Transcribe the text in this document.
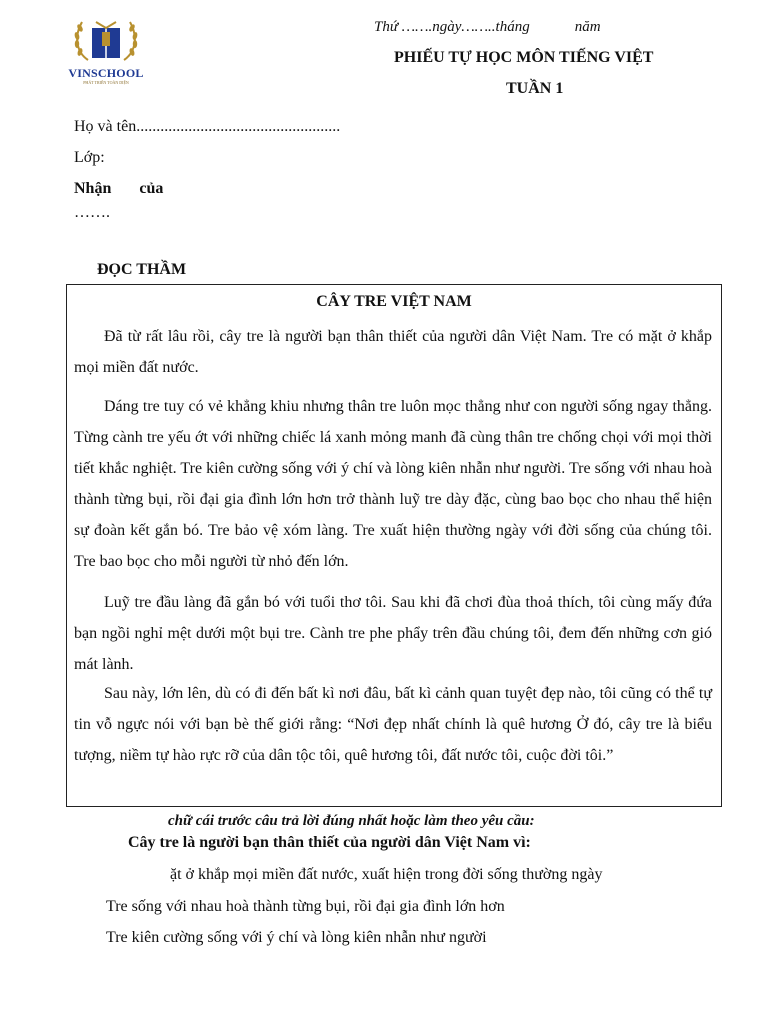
VINSCHOOL
PHÁT TRIỂN TOÀN DIỆN
Thứ …….ngày……..tháng            năm
PHIẾU TỰ HỌC MÔN TIẾNG VIỆT
TUẦN 1
Họ và tên...................................................
Lớp:
Nhận       của
…….
ĐỌC THẦM
CÂY TRE VIỆT NAM
Đã từ rất lâu rồi, cây tre là người bạn thân thiết của người dân Việt Nam. Tre có mặt ở khắp mọi miền đất nước.
Dáng tre tuy có vẻ khẳng khiu nhưng thân tre luôn mọc thẳng như con người sống ngay thẳng. Từng cành tre yếu ớt với những chiếc lá xanh mỏng manh đã cùng thân tre chống chọi với mọi thời tiết khắc nghiệt. Tre kiên cường sống với ý chí và lòng kiên nhẫn như người. Tre sống với nhau hoà thành từng bụi, rồi đại gia đình lớn hơn trở thành luỹ tre dày đặc, cùng bao bọc cho nhau thể hiện sự đoàn kết gắn bó. Tre bảo vệ xóm làng. Tre xuất hiện thường ngày với đời sống của chúng tôi. Tre bao bọc cho mỗi người từ nhỏ đến lớn.
Luỹ tre đầu làng đã gắn bó với tuổi thơ tôi. Sau khi đã chơi đùa thoả thích, tôi cùng mấy đứa bạn ngồi nghỉ mệt dưới một bụi tre. Cành tre phe phẩy trên đầu chúng tôi, đem đến những cơn gió mát lành.
Sau này, lớn lên, dù có đi đến bất kì nơi đâu, bất kì cảnh quan tuyệt đẹp nào, tôi cũng có thể tự tin vỗ ngực nói với bạn bè thế giới rằng: “Nơi đẹp nhất chính là quê hương Ở đó, cây tre là biểu tượng, niềm tự hào rực rỡ của dân tộc tôi, quê hương tôi, đất nước tôi, cuộc đời tôi.”
chữ cái trước câu trả lời đúng nhất hoặc làm theo yêu cầu:
Cây tre là người bạn thân thiết của người dân Việt Nam vì:
ặt ở khắp mọi miền đất nước, xuất hiện trong đời sống thường ngày
Tre sống với nhau hoà thành từng bụi, rồi đại gia đình lớn hơn
Tre kiên cường sống với ý chí và lòng kiên nhẫn như người
